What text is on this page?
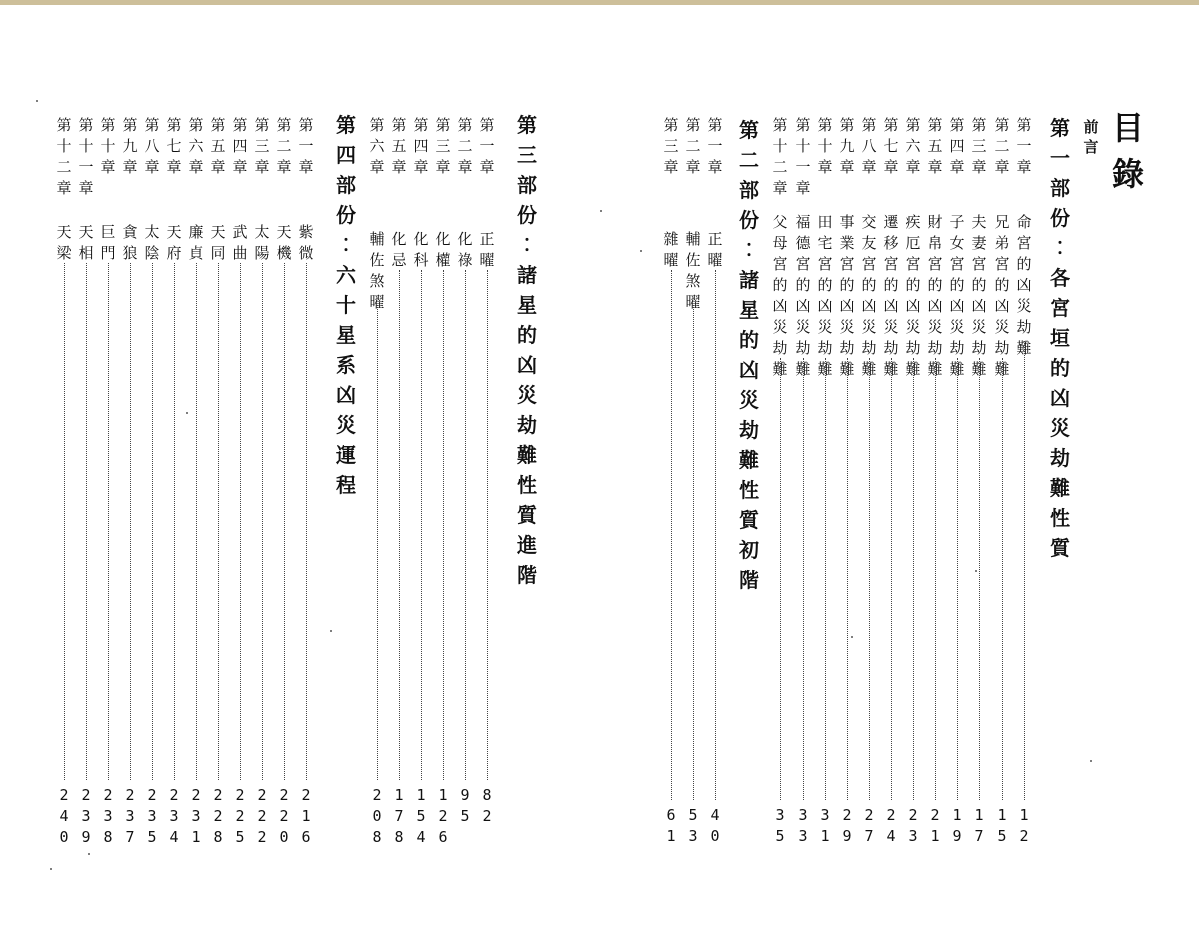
目
錄
前
言
第
一
部
份
︰
各
宮
垣
的
凶
災
劫
難
性
質
第
一
章
命
宮
的
凶
災
劫
難
1
2
第
二
章
兄
弟
宮
的
凶
災
劫
難
1
5
第
三
章
夫
妻
宮
的
凶
災
劫
難
1
7
第
四
章
子
女
宮
的
凶
災
劫
難
1
9
第
五
章
財
帛
宮
的
凶
災
劫
難
2
1
第
六
章
疾
厄
宮
的
凶
災
劫
難
2
3
第
七
章
遷
移
宮
的
凶
災
劫
難
2
4
第
八
章
交
友
宮
的
凶
災
劫
難
2
7
第
九
章
事
業
宮
的
凶
災
劫
難
2
9
第
十
章
田
宅
宮
的
凶
災
劫
難
3
1
第
十
一
章
福
德
宮
的
凶
災
劫
難
3
3
第
十
二
章
父
母
宮
的
凶
災
劫
難
3
5
第
二
部
份
︰
諸
星
的
凶
災
劫
難
性
質
初
階
第
一
章
正
曜
4
0
第
二
章
輔
佐
煞
曜
5
3
第
三
章
雜
曜
6
1
第
三
部
份
︰
諸
星
的
凶
災
劫
難
性
質
進
階
第
一
章
正
曜
8
2
第
二
章
化
祿
9
5
第
三
章
化
權
1
2
6
第
四
章
化
科
1
5
4
第
五
章
化
忌
1
7
8
第
六
章
輔
佐
煞
曜
2
0
8
第
四
部
份
︰
六
十
星
系
凶
災
運
程
第
一
章
紫
微
2
1
6
第
二
章
天
機
2
2
0
第
三
章
太
陽
2
2
2
第
四
章
武
曲
2
2
5
第
五
章
天
同
2
2
8
第
六
章
廉
貞
2
3
1
第
七
章
天
府
2
3
4
第
八
章
太
陰
2
3
5
第
九
章
貪
狼
2
3
7
第
十
章
巨
門
2
3
8
第
十
一
章
天
相
2
3
9
第
十
二
章
天
梁
2
4
0
